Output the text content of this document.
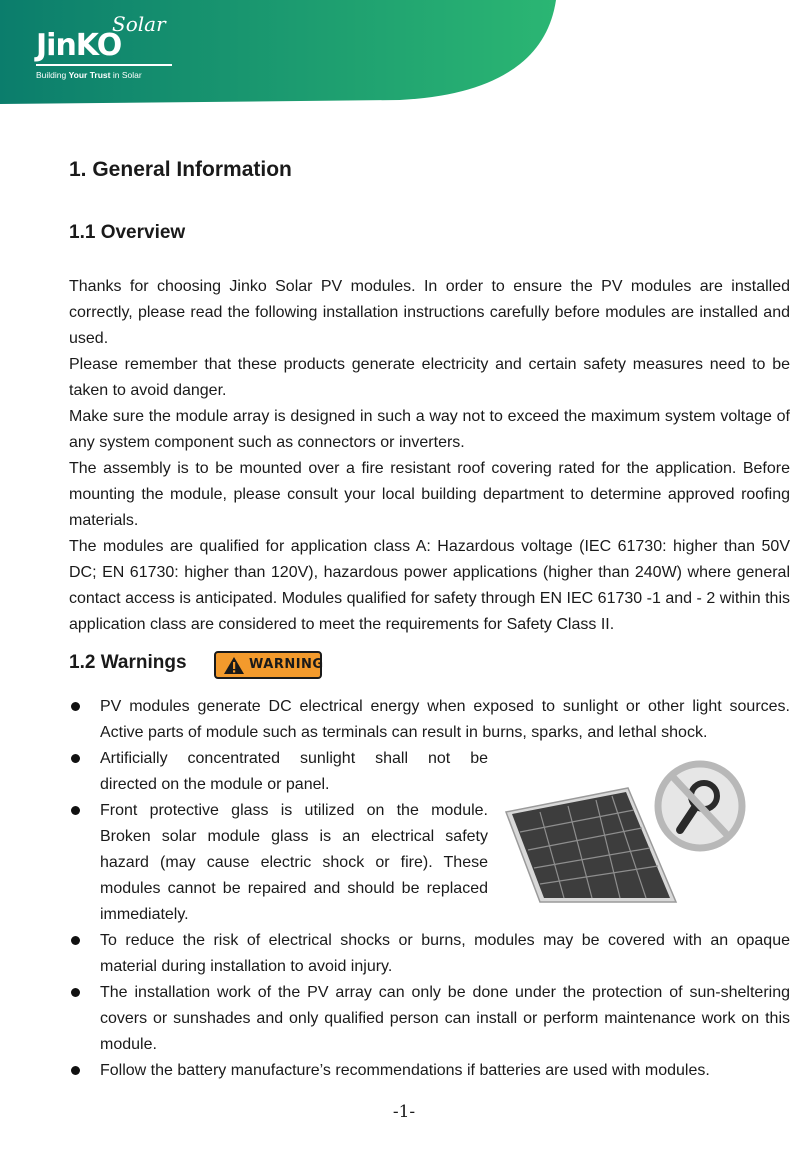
Solar
JinKO
Building Your Trust in Solar
1. General Information
1.1 Overview

Thanks for choosing Jinko Solar PV modules. In order to ensure the PV modules are installed correctly, please read the following installation instructions carefully before modules are installed and used.

Please remember that these products generate electricity and certain safety measures need to be taken to avoid danger.

Make sure the module array is designed in such a way not to exceed the maximum system voltage of any system component such as connectors or inverters.

The assembly is to be mounted over a fire resistant roof covering rated for the application. Before mounting the module, please consult your local building department to determine approved roofing materials.

The modules are qualified for application class A: Hazardous voltage (IEC 61730: higher than 50V DC; EN 61730: higher than 120V), hazardous power applications (higher than 240W) where general contact access is anticipated. Modules qualified for safety through EN IEC 61730 -1 and - 2 within this application class are considered to meet the requirements for Safety Class II.

1.2 Warnings	WARNING
PV modules generate DC electrical energy when exposed to sunlight or other light sources. Active parts of module such as terminals can result in burns, sparks, and lethal shock.
Artificially concentrated sunlight shall not be
directed on the module or panel.
Front protective glass is utilized on the module.
Broken solar module glass is an electrical safety
hazard (may cause electric shock or fire). These
modules cannot be repaired and should be replaced
immediately.
To reduce the risk of electrical shocks or burns, modules may be covered with an opaque material during installation to avoid injury.
The installation work of the PV array can only be done under the protection of sun-sheltering covers or sunshades and only qualified person can install or perform maintenance work on this module.
Follow the battery manufacture’s recommendations if batteries are used with modules.
-1-
